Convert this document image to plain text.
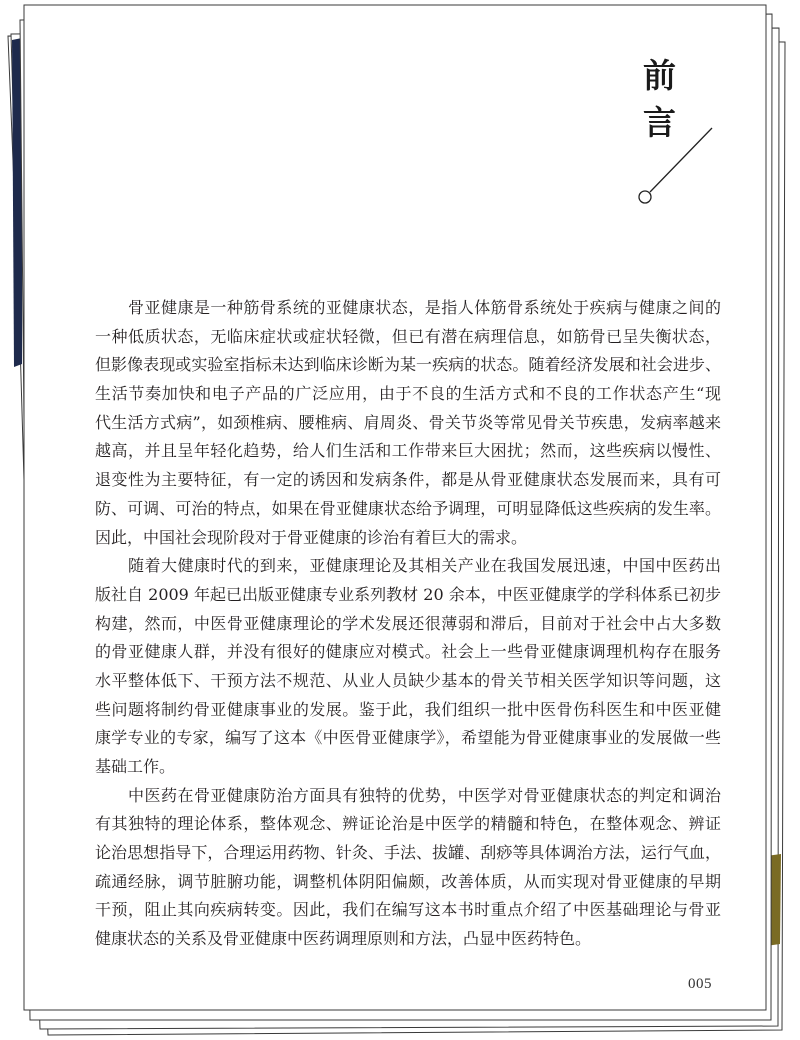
前言
骨亚健康是一种筋骨系统的亚健康状态，是指人体筋骨系统处于疾病与健康之间的
一种低质状态，无临床症状或症状轻微，但已有潜在病理信息，如筋骨已呈失衡状态，
但影像表现或实验室指标未达到临床诊断为某一疾病的状态。随着经济发展和社会进步、
生活节奏加快和电子产品的广泛应用，由于不良的生活方式和不良的工作状态产生“现
代生活方式病”，如颈椎病、腰椎病、肩周炎、骨关节炎等常见骨关节疾患，发病率越来
越高，并且呈年轻化趋势，给人们生活和工作带来巨大困扰；然而，这些疾病以慢性、
退变性为主要特征，有一定的诱因和发病条件，都是从骨亚健康状态发展而来，具有可
防、可调、可治的特点，如果在骨亚健康状态给予调理，可明显降低这些疾病的发生率。
因此，中国社会现阶段对于骨亚健康的诊治有着巨大的需求。
随着大健康时代的到来，亚健康理论及其相关产业在我国发展迅速，中国中医药出
版社自 2009 年起已出版亚健康专业系列教材 20 余本，中医亚健康学的学科体系已初步
构建，然而，中医骨亚健康理论的学术发展还很薄弱和滞后，目前对于社会中占大多数
的骨亚健康人群，并没有很好的健康应对模式。社会上一些骨亚健康调理机构存在服务
水平整体低下、干预方法不规范、从业人员缺少基本的骨关节相关医学知识等问题，这
些问题将制约骨亚健康事业的发展。鉴于此，我们组织一批中医骨伤科医生和中医亚健
康学专业的专家，编写了这本《中医骨亚健康学》，希望能为骨亚健康事业的发展做一些
基础工作。
中医药在骨亚健康防治方面具有独特的优势，中医学对骨亚健康状态的判定和调治
有其独特的理论体系，整体观念、辨证论治是中医学的精髓和特色，在整体观念、辨证
论治思想指导下，合理运用药物、针灸、手法、拔罐、刮痧等具体调治方法，运行气血，
疏通经脉，调节脏腑功能，调整机体阴阳偏颇，改善体质，从而实现对骨亚健康的早期
干预，阻止其向疾病转变。因此，我们在编写这本书时重点介绍了中医基础理论与骨亚
健康状态的关系及骨亚健康中医药调理原则和方法，凸显中医药特色。
005
